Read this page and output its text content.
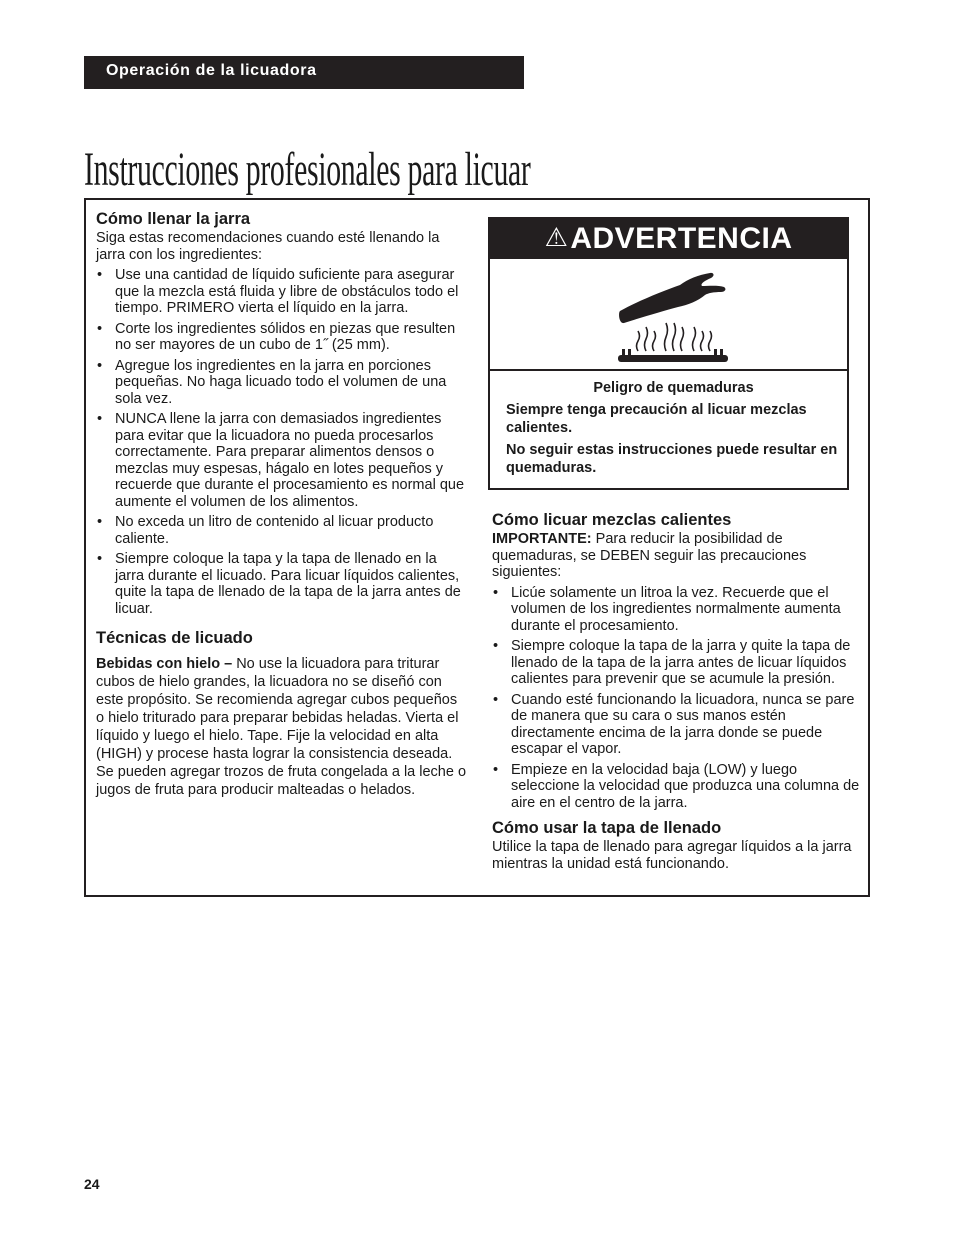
Operación de la licuadora
Instrucciones profesionales para licuar
Cómo llenar la jarra

Siga estas recomendaciones cuando esté llenando la jarra con los ingredientes:

• Use una cantidad de líquido suficiente para asegurar que la mezcla está fluida y libre de obstáculos todo el tiempo. PRIMERO vierta el líquido en la jarra.
• Corte los ingredientes sólidos en piezas que resulten no ser mayores de un cubo de 1˝ (25 mm).
• Agregue los ingredientes en la jarra en porciones pequeñas. No haga licuado todo el volumen de una sola vez.
• NUNCA llene la jarra con demasiados ingredientes para evitar que la licuadora no pueda procesarlos correctamente. Para preparar alimentos densos o mezclas muy espesas, hágalo en lotes pequeños y recuerde que durante el procesamiento es normal que aumente el volumen de los alimentos.
• No exceda un litro de contenido al licuar producto caliente.
• Siempre coloque la tapa y la tapa de llenado en la jarra durante el licuado. Para licuar líquidos calientes, quite la tapa de llenado de la tapa de la jarra antes de licuar.
Técnicas de licuado

Bebidas con hielo – No use la licuadora para triturar cubos de hielo grandes, la licuadora no se diseñó con este propósito. Se recomienda agregar cubos pequeños o hielo triturado para preparar bebidas heladas. Vierta el líquido y luego el hielo. Tape. Fije la velocidad en alta (HIGH) y procese hasta lograr la consistencia deseada. Se pueden agregar trozos de fruta congelada a la leche o jugos de fruta para producir malteadas o helados.

⚠ADVERTENCIA

Peligro de quemaduras

Siempre tenga precaución al licuar mezclas calientes.

No seguir estas instrucciones puede resultar en quemaduras.

Cómo licuar mezclas calientes

IMPORTANTE: Para reducir la posibilidad de quemaduras, se DEBEN seguir las precauciones siguientes:

• Licúe solamente un litroa la vez. Recuerde que el volumen de los ingredientes normalmente aumenta durante el procesamiento.
• Siempre coloque la tapa de la jarra y quite la tapa de llenado de la tapa de la jarra antes de licuar líquidos calientes para prevenir que se acumule la presión.
• Cuando esté funcionando la licuadora, nunca se pare de manera que su cara o sus manos estén directamente encima de la jarra donde se puede escapar el vapor.
• Empieze en la velocidad baja (LOW) y luego seleccione la velocidad que produzca una columna de aire en el centro de la jarra.
Cómo usar la tapa de llenado

Utilice la tapa de llenado para agregar líquidos a la jarra mientras la unidad está funcionando.

24
